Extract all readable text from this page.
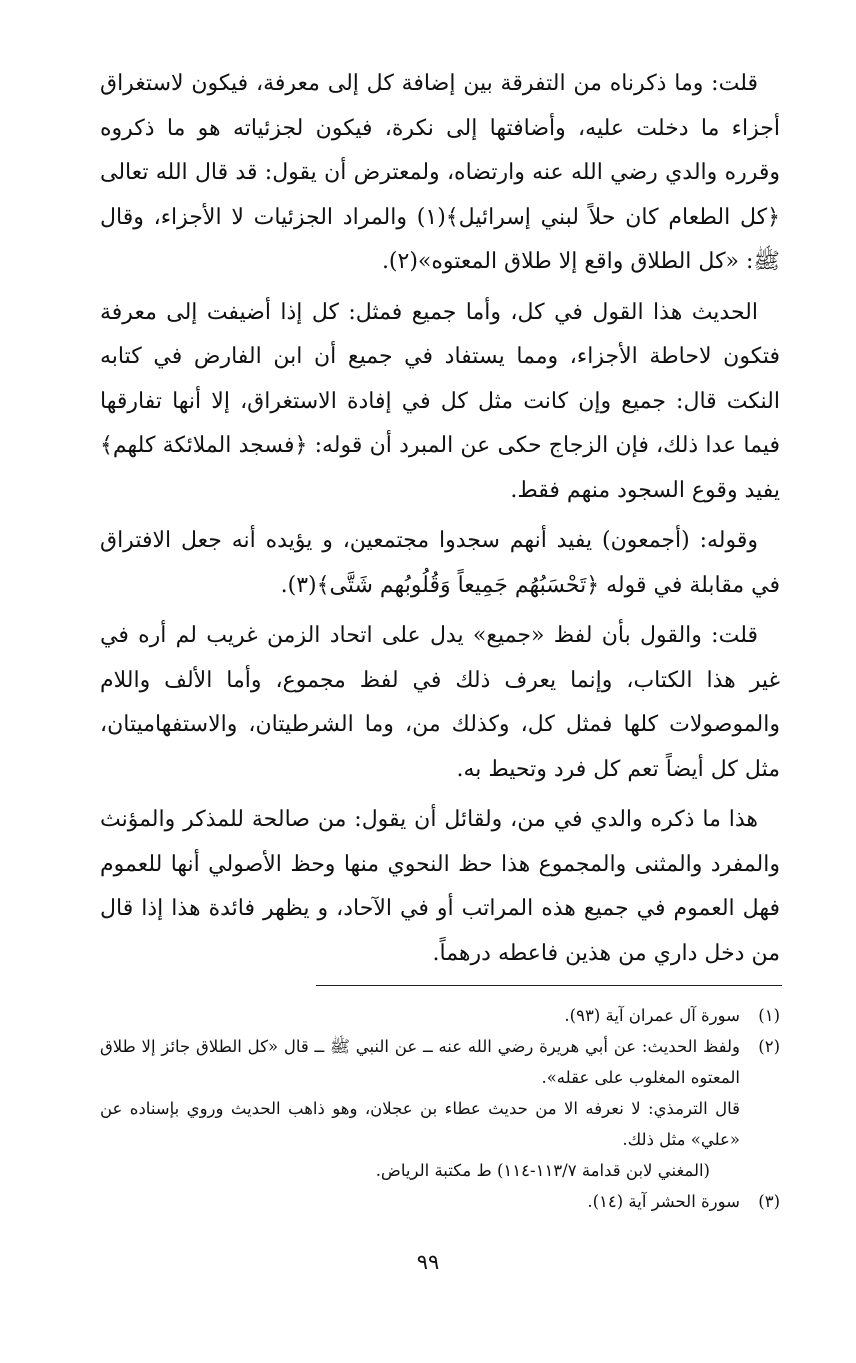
قلت: وما ذكرناه من التفرقة بين إضافة كل إلى معرفة، فيكون لاستغراق أجزاء ما دخلت عليه، وأضافتها إلى نكرة، فيكون لجزئياته هو ما ذكروه وقرره والدي رضي الله عنه وارتضاه، ولمعترض أن يقول: قد قال الله تعالى ﴿كل الطعام كان حلاً لبني إسرائيل﴾(١) والمراد الجزئيات لا الأجزاء، وقال ﷺ: «كل الطلاق واقع إلا طلاق المعتوه»(٢).

الحديث هذا القول في كل، وأما جميع فمثل: كل إذا أضيفت إلى معرفة فتكون لاحاطة الأجزاء، ومما يستفاد في جميع أن ابن الفارض في كتابه النكت قال: جميع وإن كانت مثل كل في إفادة الاستغراق، إلا أنها تفارقها فيما عدا ذلك، فإن الزجاج حكى عن المبرد أن قوله: ﴿فسجد الملائكة كلهم﴾ يفيد وقوع السجود منهم فقط.

وقوله: (أجمعون) يفيد أنهم سجدوا مجتمعين، و يؤيده أنه جعل الافتراق في مقابلة في قوله ﴿تَحْسَبُهُم جَمِيعاً وَقُلُوبُهم شَتَّى﴾(٣).

قلت: والقول بأن لفظ «جميع» يدل على اتحاد الزمن غريب لم أره في غير هذا الكتاب، وإنما يعرف ذلك في لفظ مجموع، وأما الألف واللام والموصولات كلها فمثل كل، وكذلك من، وما الشرطيتان، والاستفهاميتان، مثل كل أيضاً تعم كل فرد وتحيط به.

هذا ما ذكره والدي في من، ولقائل أن يقول: من صالحة للمذكر والمؤنث والمفرد والمثنى والمجموع هذا حظ النحوي منها وحظ الأصولي أنها للعموم فهل العموم في جميع هذه المراتب أو في الآحاد، و يظهر فائدة هذا إذا قال من دخل داري من هذين فاعطه درهماً.

(١)
سورة آل عمران آية (٩٣).
(٢)
ولفظ الحديث: عن أبي هريرة رضي الله عنه ــ عن النبي ﷺ ــ قال «كل الطلاق جائز إلا طلاق المعتوه المغلوب على عقله».
قال الترمذي: لا نعرفه الا من حديث عطاء بن عجلان، وهو ذاهب الحديث وروي بإسناده عن «علي» مثل ذلك.
(المغني لابن قدامة ١١٣/٧-١١٤) ط مكتبة الرياض.
(٣)
سورة الحشر آية (١٤).
٩٩
